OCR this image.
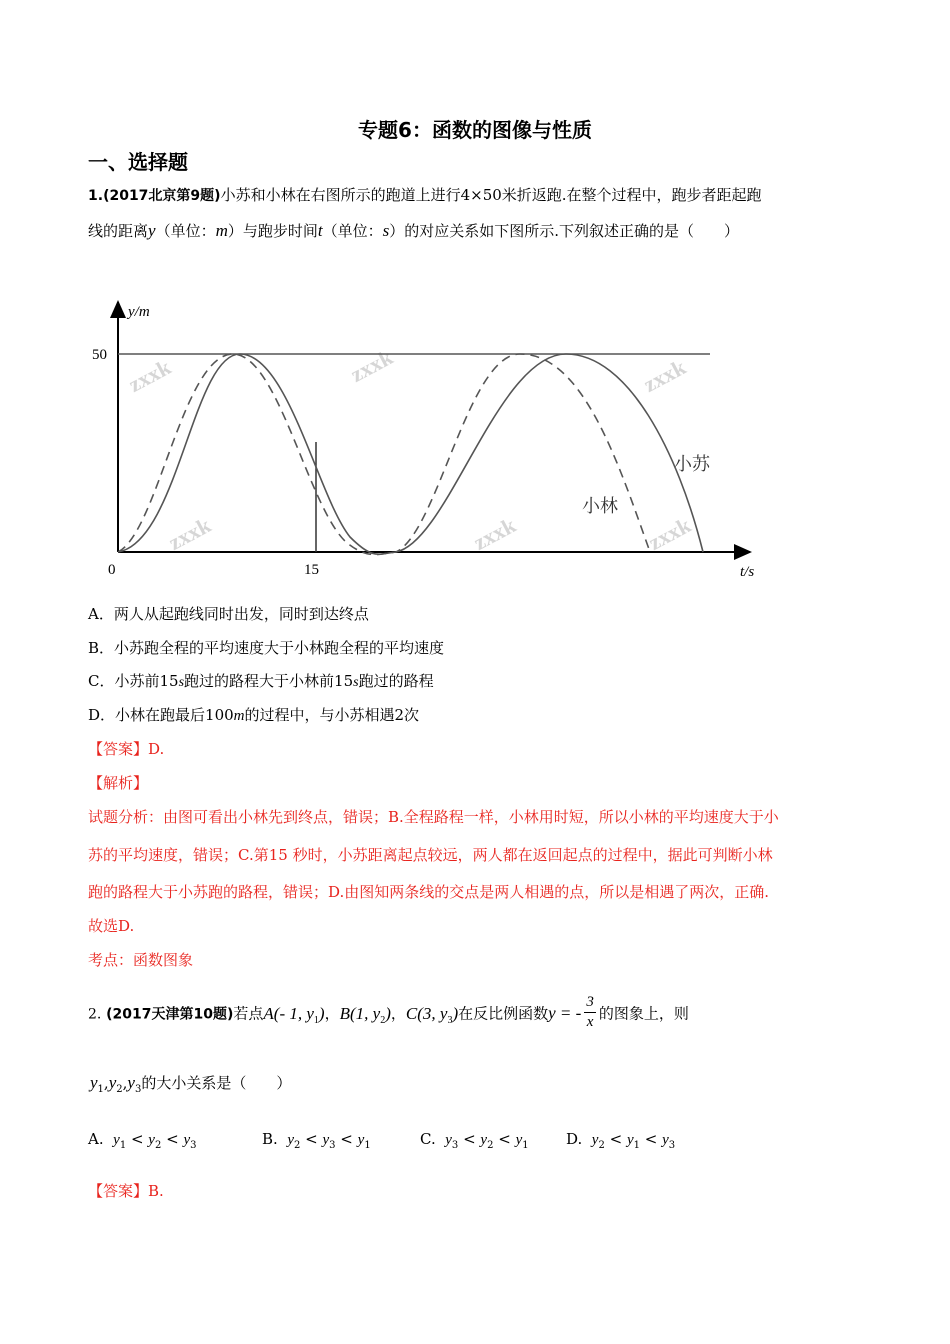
专题6：函数的图像与性质
一、选择题
1.(2017北京第9题)小苏和小林在右图所示的跑道上进行4×50米折返跑.在整个过程中，跑步者距起跑
线的距离y（单位：m）与跑步时间t（单位：s）的对应关系如下图所示.下列叙述正确的是（　　）
zxxk	zxxk	zxxk
zxxk	zxxk	zxxk
y/m
50
0	15	t/s
小苏
小林
A．两人从起跑线同时出发，同时到达终点
B．小苏跑全程的平均速度大于小林跑全程的平均速度
C．小苏前15s跑过的路程大于小林前15s跑过的路程
D．小林在跑最后100m的过程中，与小苏相遇2次
【答案】D.
【解析】
试题分析：由图可看出小林先到终点，错误；B.全程路程一样，小林用时短，所以小林的平均速度大于小
苏的平均速度，错误；C.第15 秒时，小苏距离起点较远，两人都在返回起点的过程中，据此可判断小林
跑的路程大于小苏跑的路程，错误；D.由图知两条线的交点是两人相遇的点，所以是相遇了两次，正确.
故选D.
考点：函数图象
2. (2017天津第10题)若点A(- 1, $y_1$)，B(1, $y_2$)，C(3, $y_3$)在反比例函数y = - $\frac{3}{x}$ 的图象上，则
$y_1,y_2,y_3$的大小关系是（　　）
A.  $y_1 < y_2 < y_3$	B.  $y_2 < y_3 < y_1$	C.  $y_3 < y_2 < y_1$ D.  $y_2 < y_1 < y_3$
【答案】B.
